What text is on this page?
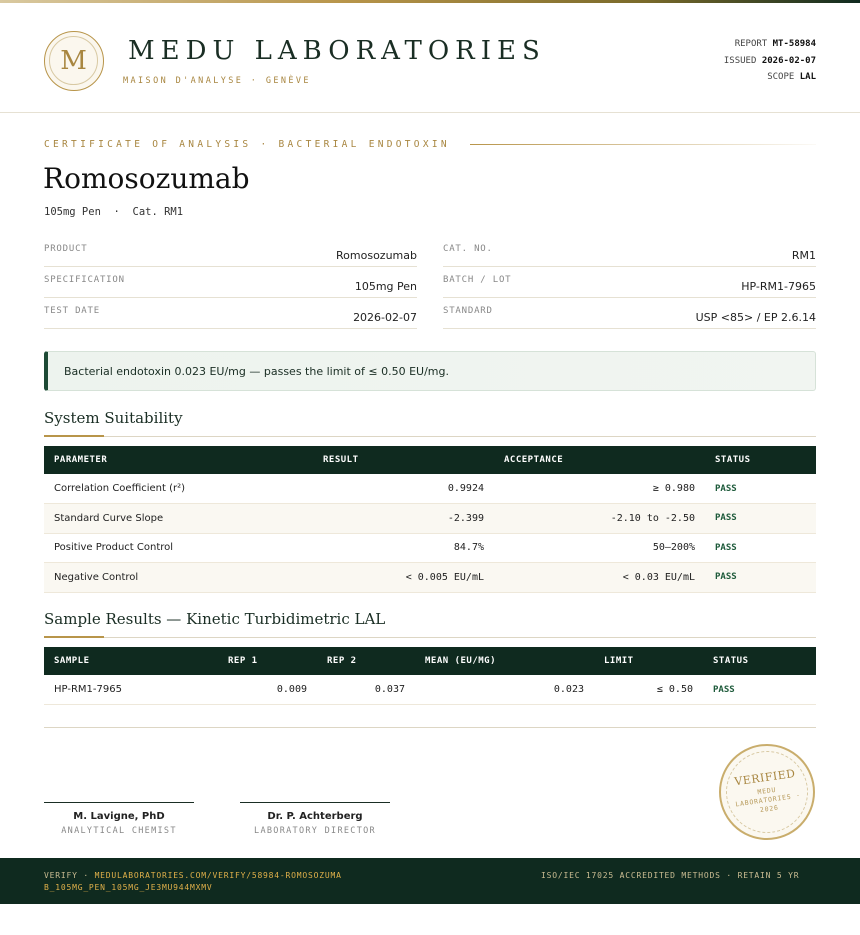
M	MEDU LABORATORIES
MAISON D'ANALYSE · GENÈVE
REPORT MT-58984
ISSUED 2026-02-07
SCOPE LAL
CERTIFICATE OF ANALYSIS · BACTERIAL ENDOTOXIN
Romosozumab
105mg Pen  ·  Cat. RM1
PRODUCT	Romosozumab
SPECIFICATION	105mg Pen
TEST DATE	2026-02-07
CAT. NO.	RM1
BATCH / LOT	HP-RM1-7965
STANDARD	USP <85> / EP 2.6.14
Bacterial endotoxin 0.023 EU/mg — passes the limit of ≤ 0.50 EU/mg.
System Suitability
PARAMETER	RESULT	ACCEPTANCE	STATUS
Correlation Coefficient (r²)	0.9924	≥ 0.980	PASS
Standard Curve Slope	-2.399	-2.10 to -2.50	PASS
Positive Product Control	84.7%	50–200%	PASS
Negative Control	< 0.005 EU/mL	< 0.03 EU/mL	PASS
Sample Results — Kinetic Turbidimetric LAL
SAMPLE	REP 1	REP 2	MEAN (EU/MG)	LIMIT	STATUS
HP-RM1-7965	0.009	0.037	0.023	≤ 0.50	PASS
M. Lavigne, PhD
ANALYTICAL CHEMIST
Dr. P. Achterberg
LABORATORY DIRECTOR
VERIFIED
MEDU LABORATORIES · 2026
VERIFY · MEDULABORATORIES.COM/VERIFY/58984-ROMOSOZUMAB_105MG_PEN_105MG_JE3MU944MXMV
ISO/IEC 17025 ACCREDITED METHODS · RETAIN 5 YR
